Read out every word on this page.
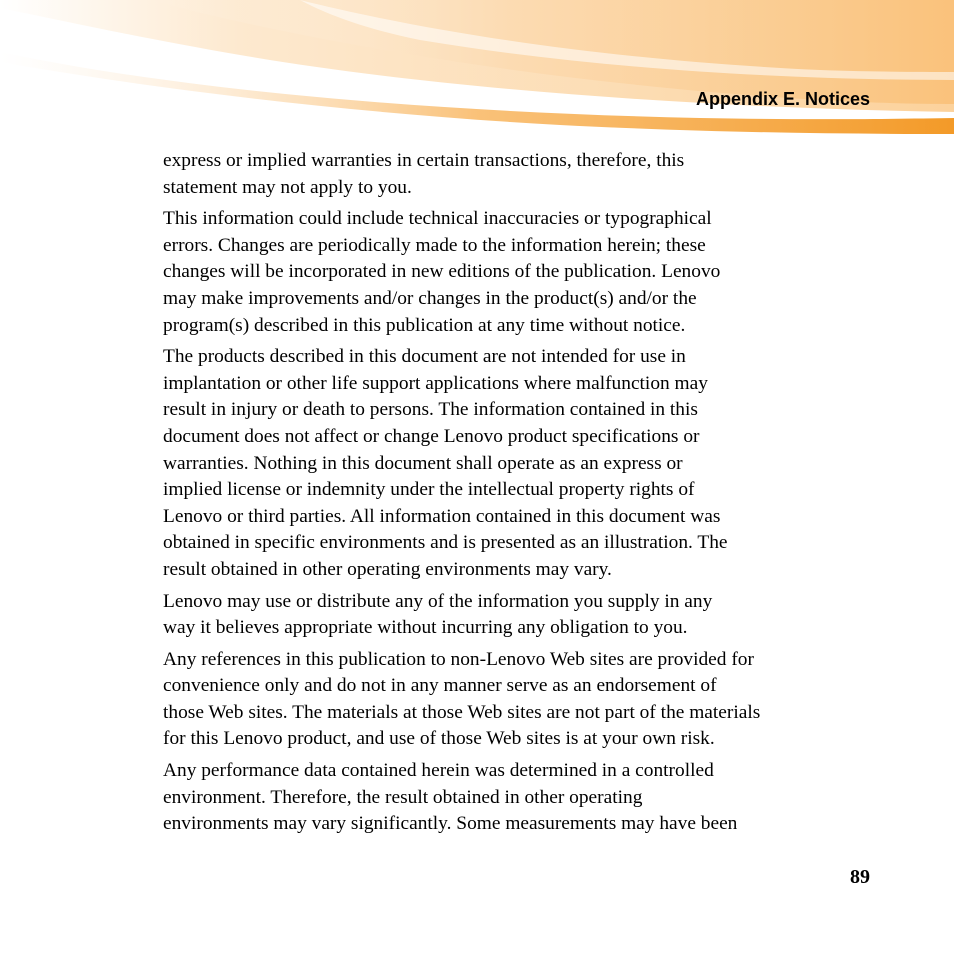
Appendix E. Notices

express or implied warranties in certain transactions, therefore, this
statement may not apply to you.

This information could include technical inaccuracies or typographical
errors. Changes are periodically made to the information herein; these
changes will be incorporated in new editions of the publication. Lenovo
may make improvements and/or changes in the product(s) and/or the
program(s) described in this publication at any time without notice.

The products described in this document are not intended for use in
implantation or other life support applications where malfunction may
result in injury or death to persons. The information contained in this
document does not affect or change Lenovo product specifications or
warranties. Nothing in this document shall operate as an express or
implied license or indemnity under the intellectual property rights of
Lenovo or third parties. All information contained in this document was
obtained in specific environments and is presented as an illustration. The
result obtained in other operating environments may vary.

Lenovo may use or distribute any of the information you supply in any
way it believes appropriate without incurring any obligation to you.

Any references in this publication to non-Lenovo Web sites are provided for
convenience only and do not in any manner serve as an endorsement of
those Web sites. The materials at those Web sites are not part of the materials
for this Lenovo product, and use of those Web sites is at your own risk.

Any performance data contained herein was determined in a controlled
environment. Therefore, the result obtained in other operating
environments may vary significantly. Some measurements may have been

89
